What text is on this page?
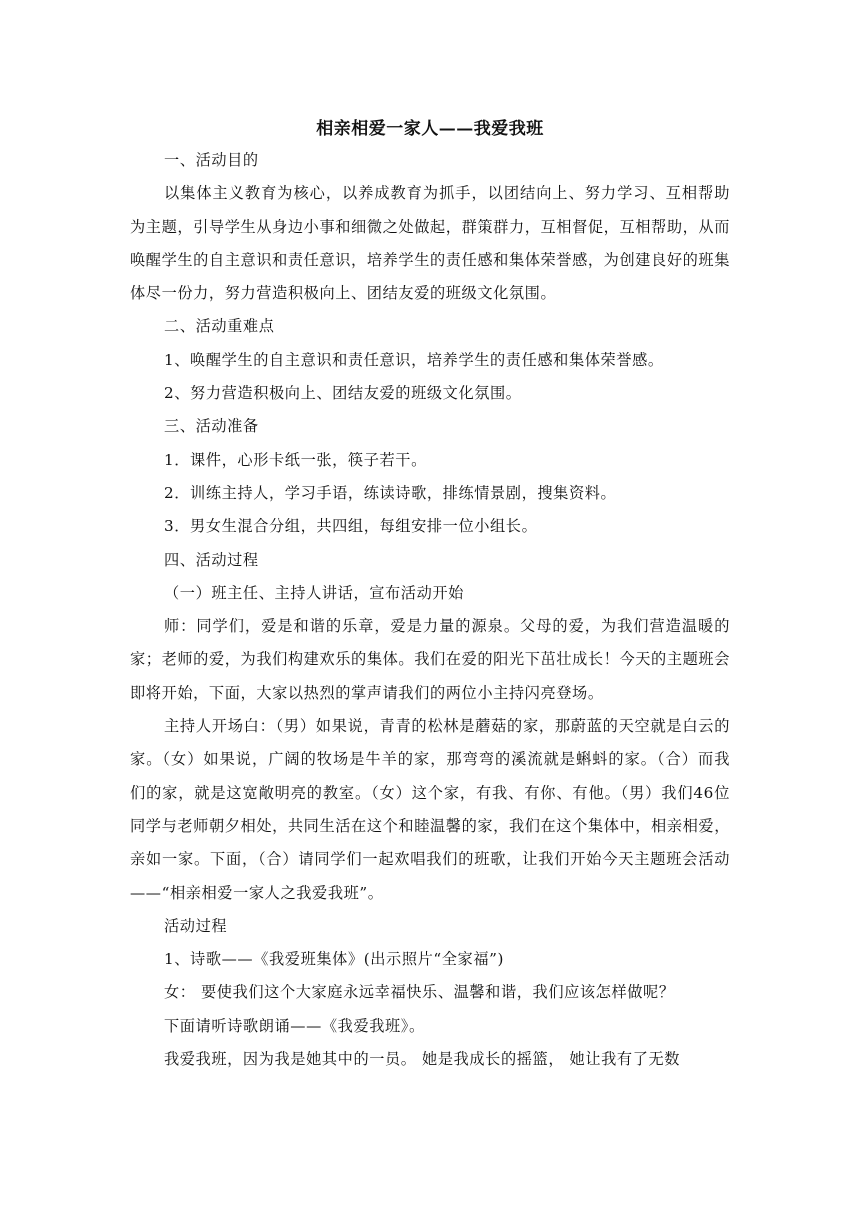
相亲相爱一家人——我爱我班

一、活动目的

以集体主义教育为核心，以养成教育为抓手，以团结向上、努力学习、互相帮助为主题，引导学生从身边小事和细微之处做起，群策群力，互相督促，互相帮助，从而唤醒学生的自主意识和责任意识，培养学生的责任感和集体荣誉感，为创建良好的班集体尽一份力，努力营造积极向上、团结友爱的班级文化氛围。

二、活动重难点

1、唤醒学生的自主意识和责任意识，培养学生的责任感和集体荣誉感。

2、努力营造积极向上、团结友爱的班级文化氛围。

三、活动准备

1．课件，心形卡纸一张，筷子若干。

2．训练主持人，学习手语，练读诗歌，排练情景剧，搜集资料。

3．男女生混合分组，共四组，每组安排一位小组长。

四、活动过程

（一）班主任、主持人讲话，宣布活动开始

师：同学们，爱是和谐的乐章，爱是力量的源泉。父母的爱，为我们营造温暖的家；老师的爱，为我们构建欢乐的集体。我们在爱的阳光下茁壮成长！今天的主题班会即将开始，下面，大家以热烈的掌声请我们的两位小主持闪亮登场。

主持人开场白：（男）如果说，青青的松林是蘑菇的家，那蔚蓝的天空就是白云的家。（女）如果说，广阔的牧场是牛羊的家，那弯弯的溪流就是蝌蚪的家。（合）而我们的家，就是这宽敞明亮的教室。（女）这个家，有我、有你、有他。（男）我们46位同学与老师朝夕相处，共同生活在这个和睦温馨的家，我们在这个集体中，相亲相爱，亲如一家。下面，（合）请同学们一起欢唱我们的班歌，让我们开始今天主题班会活动——“相亲相爱一家人之我爱我班”。

活动过程

1、诗歌——《我爱班集体》(出示照片“全家福”)

女： 要使我们这个大家庭永远幸福快乐、温馨和谐，我们应该怎样做呢？

下面请听诗歌朗诵——《我爱我班》。

我爱我班，因为我是她其中的一员。 她是我成长的摇篮， 她让我有了无数
